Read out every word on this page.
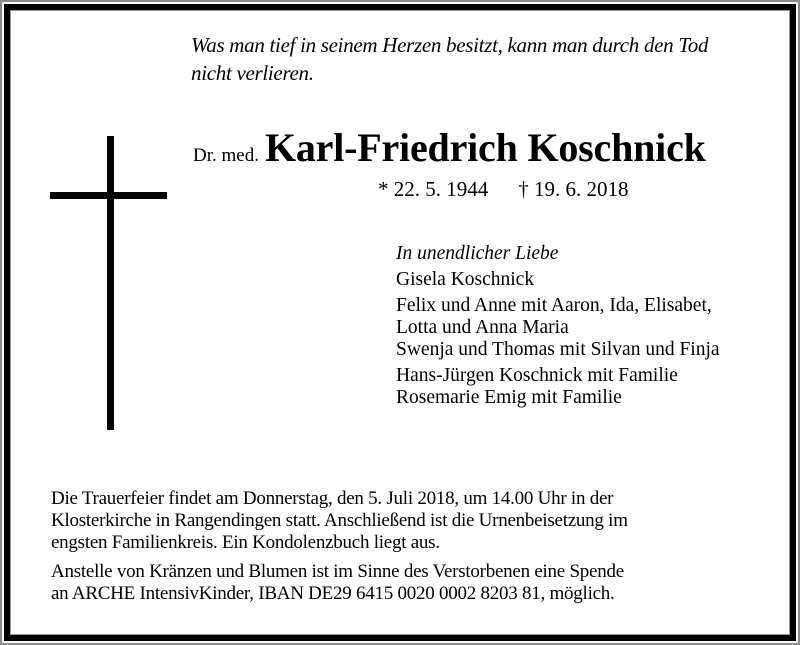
Was man tief in seinem Herzen besitzt, kann man durch den Tod
nicht verlieren.
Dr. med. Karl-Friedrich Koschnick
* 22. 5. 1944 † 19. 6. 2018
In unendlicher Liebe
Gisela Koschnick
Felix und Anne mit Aaron, Ida, Elisabet,
Lotta und Anna Maria
Swenja und Thomas mit Silvan und Finja
Hans-Jürgen Koschnick mit Familie
Rosemarie Emig mit Familie

Die Trauerfeier findet am Donnerstag, den 5. Juli 2018, um 14.00 Uhr in der
Klosterkirche in Rangendingen statt. Anschließend ist die Urnenbeisetzung im
engsten Familienkreis. Ein Kondolenzbuch liegt aus.

Anstelle von Kränzen und Blumen ist im Sinne des Verstorbenen eine Spende
an ARCHE IntensivKinder, IBAN DE29 6415 0020 0002 8203 81, möglich.
